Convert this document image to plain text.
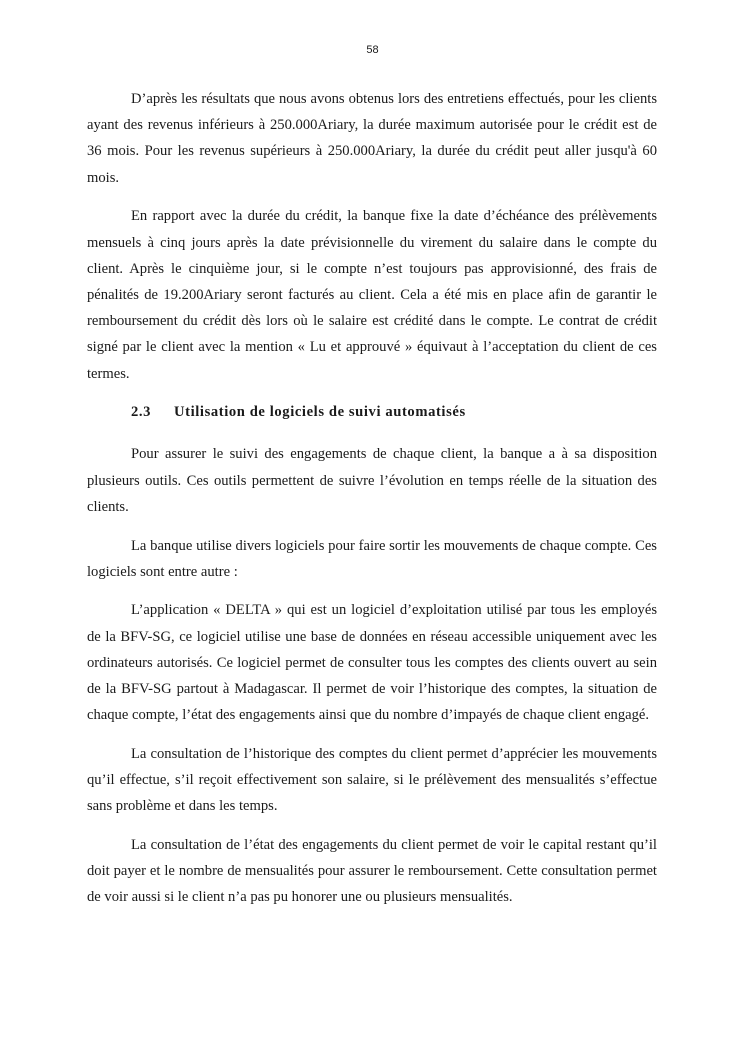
58

D’après les résultats que nous avons obtenus lors des entretiens effectués, pour les clients ayant des revenus inférieurs à 250.000Ariary, la durée maximum autorisée pour le crédit est de 36 mois. Pour les revenus supérieurs à 250.000Ariary, la durée du crédit peut aller jusqu'à 60 mois.

En rapport avec la durée du crédit, la banque fixe la date d’échéance des prélèvements mensuels à cinq jours après la date prévisionnelle du virement du salaire dans le compte du client. Après le cinquième jour, si le compte n’est toujours pas approvisionné, des frais de pénalités de 19.200Ariary seront facturés au client. Cela a été mis en place afin de garantir le remboursement du crédit dès lors où le salaire est crédité dans le compte. Le contrat de crédit signé par le client avec la mention « Lu et approuvé » équivaut à l’acceptation du client de ces termes.

2.3 Utilisation de logiciels de suivi automatisés

Pour assurer le suivi des engagements de chaque client, la banque a à sa disposition plusieurs outils. Ces outils permettent de suivre l’évolution en temps réelle de la situation des clients.

La banque utilise divers logiciels pour faire sortir les mouvements de chaque compte. Ces logiciels sont entre autre :

L’application « DELTA » qui est un logiciel d’exploitation utilisé par tous les employés de la BFV-SG, ce logiciel utilise une base de données en réseau accessible uniquement avec les ordinateurs autorisés. Ce logiciel permet de consulter tous les comptes des clients ouvert au sein de la BFV-SG partout à Madagascar. Il permet de voir l’historique des comptes, la situation de chaque compte, l’état des engagements ainsi que du nombre d’impayés de chaque client engagé.

La consultation de l’historique des comptes du client permet d’apprécier les mouvements qu’il effectue, s’il reçoit effectivement son salaire, si le prélèvement des mensualités s’effectue sans problème et dans les temps.

La consultation de l’état des engagements du client permet de voir le capital restant qu’il doit payer et le nombre de mensualités pour assurer le remboursement. Cette consultation permet de voir aussi si le client n’a pas pu honorer une ou plusieurs mensualités.
